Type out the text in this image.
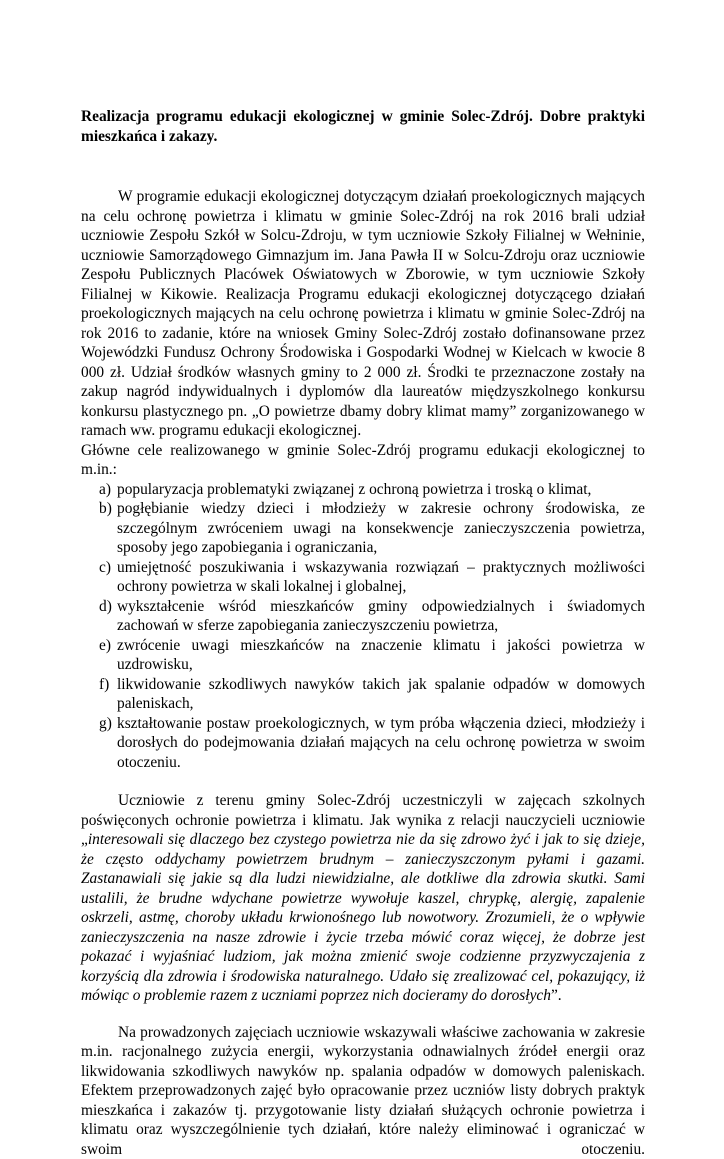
Realizacja programu edukacji ekologicznej w gminie Solec-Zdrój. Dobre praktyki mieszkańca i zakazy.

W programie edukacji ekologicznej dotyczącym działań proekologicznych mających na celu ochronę powietrza i klimatu w gminie Solec-Zdrój na rok 2016 brali udział uczniowie Zespołu Szkół w Solcu-Zdroju, w tym uczniowie Szkoły Filialnej w Wełninie, uczniowie Samorządowego Gimnazjum im. Jana Pawła II w Solcu-Zdroju oraz uczniowie Zespołu Publicznych Placówek Oświatowych w Zborowie, w tym uczniowie Szkoły Filialnej w Kikowie. Realizacja Programu edukacji ekologicznej dotyczącego działań proekologicznych mających na celu ochronę powietrza i klimatu w gminie Solec-Zdrój na rok 2016 to zadanie, które na wniosek Gminy Solec-Zdrój zostało dofinansowane przez Wojewódzki Fundusz Ochrony Środowiska i Gospodarki Wodnej w Kielcach w kwocie 8 000 zł. Udział środków własnych gminy to 2 000 zł. Środki te przeznaczone zostały na zakup nagród indywidualnych i dyplomów dla laureatów międzyszkolnego konkursu konkursu plastycznego pn. „O powietrze dbamy dobry klimat mamy” zorganizowanego w ramach ww. programu edukacji ekologicznej.

Główne cele realizowanego w gminie Solec-Zdrój programu edukacji ekologicznej to m.in.:

a) popularyzacja problematyki związanej z ochroną powietrza i troską o klimat,
b) pogłębianie wiedzy dzieci i młodzieży w zakresie ochrony środowiska, ze szczególnym zwróceniem uwagi na konsekwencje zanieczyszczenia powietrza, sposoby jego zapobiegania i ograniczania,
c) umiejętność poszukiwania i wskazywania rozwiązań – praktycznych możliwości ochrony powietrza w skali lokalnej i globalnej,
d) wykształcenie wśród mieszkańców gminy odpowiedzialnych i świadomych zachowań w sferze zapobiegania zanieczyszczeniu powietrza,
e) zwrócenie uwagi mieszkańców na znaczenie klimatu i jakości powietrza w uzdrowisku,
f) likwidowanie szkodliwych nawyków takich jak spalanie odpadów w domowych paleniskach,
g) kształtowanie postaw proekologicznych, w tym próba włączenia dzieci, młodzieży i dorosłych do podejmowania działań mających na celu ochronę powietrza w swoim otoczeniu.

Uczniowie z terenu gminy Solec-Zdrój uczestniczyli w zajęcach szkolnych poświęconych ochronie powietrza i klimatu. Jak wynika z relacji nauczycieli uczniowie „interesowali się dlaczego bez czystego powietrza nie da się zdrowo żyć i jak to się dzieje, że często oddychamy powietrzem brudnym – zanieczyszczonym pyłami i gazami. Zastanawiali się jakie są dla ludzi niewidzialne, ale dotkliwe dla zdrowia skutki. Sami ustalili, że brudne wdychane powietrze wywołuje kaszel, chrypkę, alergię, zapalenie oskrzeli, astmę, choroby układu krwionośnego lub nowotwory. Zrozumieli, że o wpływie zanieczyszczenia na nasze zdrowie i życie trzeba mówić coraz więcej, że dobrze jest pokazać i wyjaśniać ludziom, jak można zmienić swoje codzienne przyzwyczajenia z korzyścią dla zdrowia i środowiska naturalnego. Udało się zrealizować cel, pokazujący, iż mówiąc o problemie razem z uczniami poprzez nich docieramy do dorosłych”.

Na prowadzonych zajęciach uczniowie wskazywali właściwe zachowania w zakresie m.in. racjonalnego zużycia energii, wykorzystania odnawialnych źródeł energii oraz likwidowania szkodliwych nawyków np. spalania odpadów w domowych paleniskach. Efektem przeprowadzonych zajęć było opracowanie przez uczniów listy dobrych praktyk mieszkańca i zakazów tj. przygotowanie listy działań służących ochronie powietrza i klimatu oraz wyszczególnienie tych działań, które należy eliminować i ograniczać w swoim otoczeniu.
